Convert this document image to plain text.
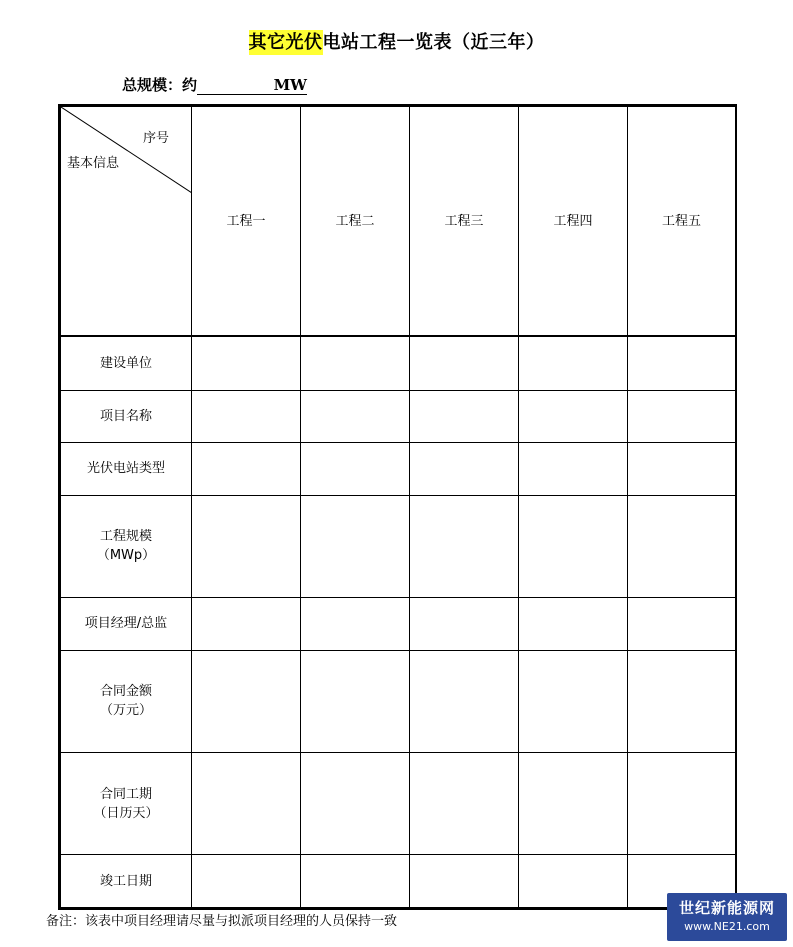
其它光伏电站工程一览表（近三年）
总规模：约	MW
序号
基本信息	工程一	工程二	工程三	工程四	工程五

建设单位					

项目名称					

光伏电站类型					

工程规模
（MWp）					

项目经理/总监					

合同金额
（万元）					

合同工期
（日历天）					

竣工日期					

备注：该表中项目经理请尽量与拟派项目经理的人员保持一致
世纪新能源网
www.NE21.com
